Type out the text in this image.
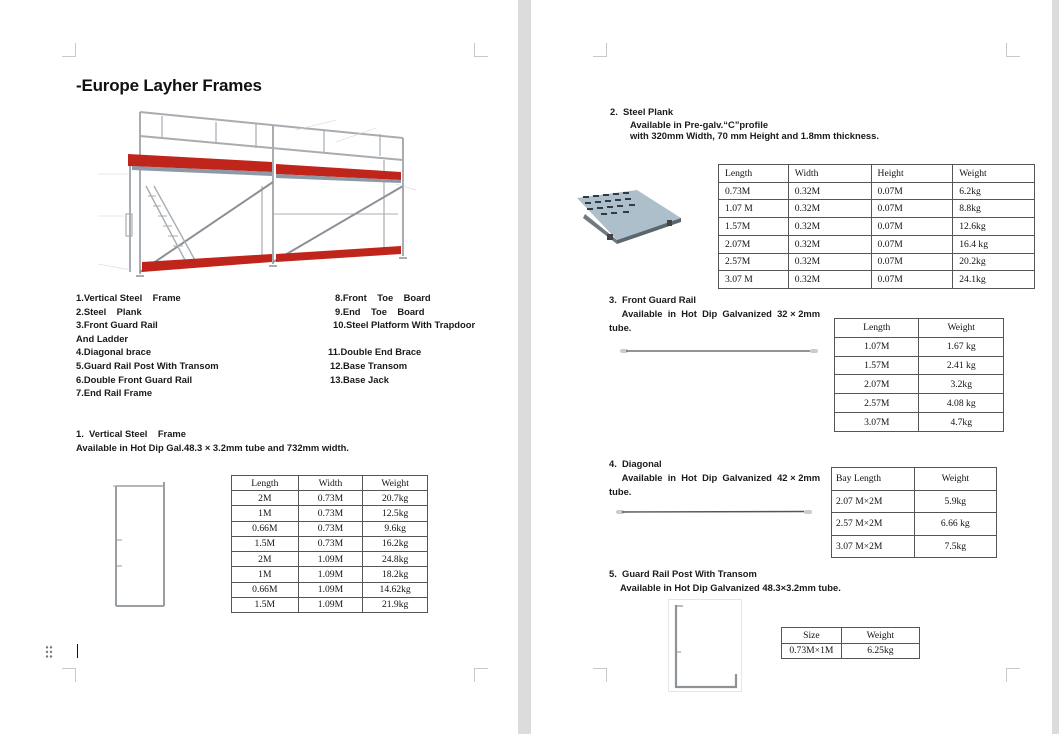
-Europe Layher Frames
1.Vertical Steel    Frame
2.Steel    Plank
3.Front Guard Rail
And Ladder
4.Diagonal brace
5.Guard Rail Post With Transom
6.Double Front Guard Rail
7.End Rail Frame
8.Front    Toe    Board
9.End    Toe    Board
10.Steel Platform With Trapdoor
11.Double End Brace
12.Base Transom
13.Base Jack
1.  Vertical Steel    Frame
Available in Hot Dip Gal.48.3 × 3.2mm tube and 732mm width.
Length	Width	Weight
2M	0.73M	20.7kg
1M	0.73M	12.5kg
0.66M	0.73M	9.6kg
1.5M	0.73M	16.2kg
2M	1.09M	24.8kg
1M	1.09M	18.2kg
0.66M	1.09M	14.62kg
1.5M	1.09M	21.9kg
2.  Steel Plank
Available in Pre-galv.“C”profile
with 320mm Width, 70 mm Height and 1.8mm thickness.
Length	Width	Height	Weight
0.73M	0.32M	0.07M	6.2kg
1.07 M	0.32M	0.07M	8.8kg
1.57M	0.32M	0.07M	12.6kg
2.07M	0.32M	0.07M	16.4 kg
2.57M	0.32M	0.07M	20.2kg
3.07 M	0.32M	0.07M	24.1kg
3.  Front Guard Rail
Available  in  Hot  Dip  Galvanized  32 × 2mm
tube.	Length	Weight
1.07M	1.67 kg
1.57M	2.41 kg
2.07M	3.2kg
2.57M	4.08 kg
3.07M	4.7kg
4.  Diagonal
Available  in  Hot  Dip  Galvanized  42 × 2mm
tube.
Bay Length	Weight
2.07 M×2M	5.9kg
2.57 M×2M	6.66 kg
3.07 M×2M	7.5kg
5.  Guard Rail Post With Transom
Available in Hot Dip Galvanized 48.3×3.2mm tube.
Size	Weight
0.73M×1M	6.25kg
